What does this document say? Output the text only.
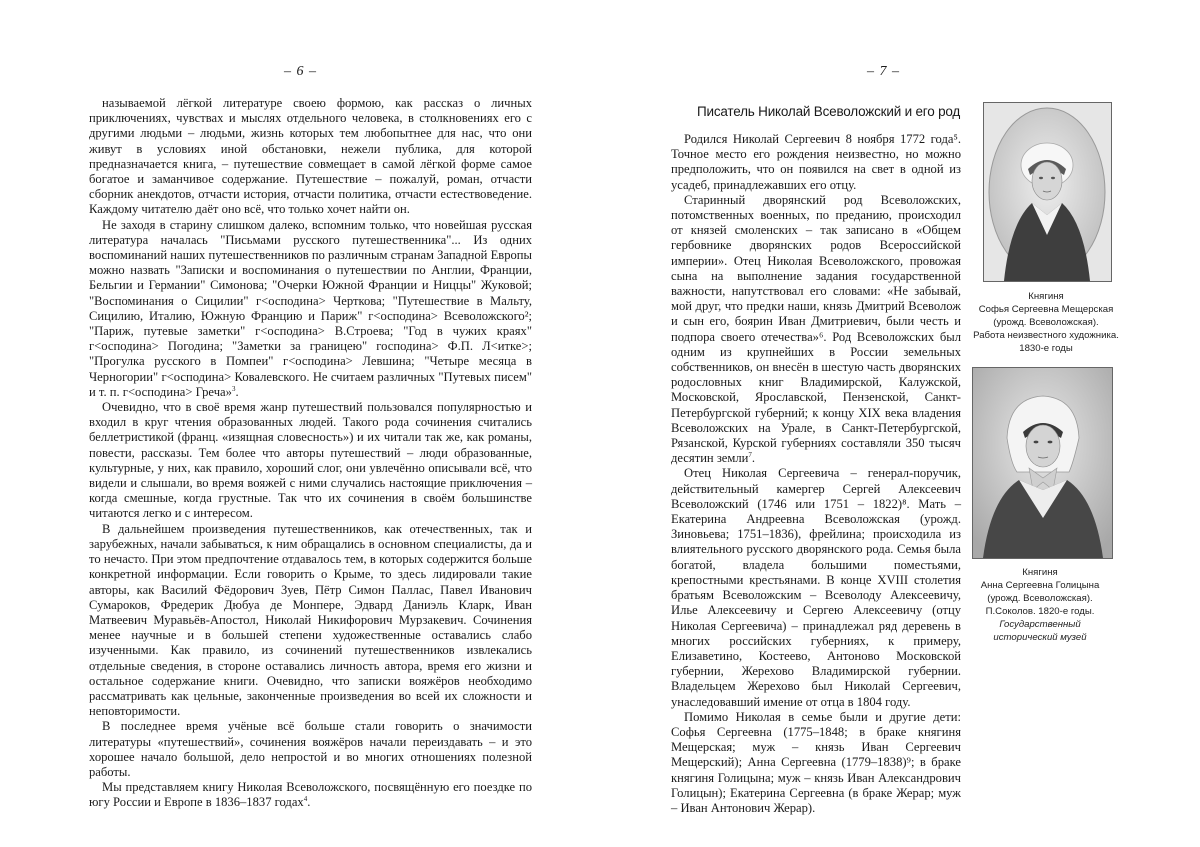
– 6 –	– 7 –

называемой лёгкой литературе своею формою, как рассказ о личных приключениях, чувствах и мыслях отдельного человека, в столкновениях его с другими людьми – людьми, жизнь которых тем любопытнее для нас, что они живут в условиях иной обстановки, нежели публика, для которой предназначается книга, – путешествие совмещает в самой лёгкой форме самое богатое и заманчивое содержание. Путешествие – пожалуй, роман, отчасти сборник анекдотов, отчасти история, отчасти политика, отчасти естествоведение. Каждому читателю даёт оно всё, что только хочет найти он.

Не заходя в старину слишком далеко, вспомним только, что новейшая русская литература началась "Письмами русского путешественника"... Из одних воспоминаний наших путешественников по различным странам Западной Европы можно назвать "Записки и воспоминания о путешествии по Англии, Франции, Бельгии и Германии" Симонова; "Очерки Южной Франции и Ниццы" Жуковой; "Воспоминания о Сицилии" г<осподина> Черткова; "Путешествие в Мальту, Сицилию, Италию, Южную Францию и Париж" г<осподина> Всеволожского²; "Париж, путевые заметки" г<осподина> В.Строева; "Год в чужих краях" г<осподина> Погодина; "Заметки за границею" господина> Ф.П. Л<итке>; "Прогулка русского в Помпеи" г<осподина> Левшина; "Четыре месяца в Черногории" г<осподина> Ковалевского. Не считаем различных "Путевых писем" и т. п. г<осподина> Греча»$^3$.

Очевидно, что в своё время жанр путешествий пользовался популярностью и входил в круг чтения образованных людей. Такого рода сочинения считались беллетристикой (франц. «изящная словесность») и их читали так же, как романы, повести, рассказы. Тем более что авторы путешествий – люди образованные, культурные, у них, как правило, хороший слог, они увлечённо описывали всё, что видели и слышали, во время вояжей с ними случались настоящие приключения – когда смешные, когда грустные. Так что их сочинения в своём большинстве читаются легко и с интересом.

В дальнейшем произведения путешественников, как отечественных, так и зарубежных, начали забываться, к ним обращались в основном специалисты, да и то нечасто. При этом предпочтение отдавалось тем, в которых содержится больше конкретной информации. Если говорить о Крыме, то здесь лидировали такие авторы, как Василий Фёдорович Зуев, Пётр Симон Паллас, Павел Иванович Сумароков, Фредерик Дюбуа де Монпере, Эдвард Даниэль Кларк, Иван Матвеевич Муравьёв-Апостол, Николай Никифорович Мурзакевич. Сочинения менее научные и в большей степени художественные оставались слабо изученными. Как правило, из сочинений путешественников извлекались отдельные сведения, в стороне оставались личность автора, время его жизни и остальное содержание книги. Очевидно, что записки вояжёров необходимо рассматривать как цельные, законченные произведения во всей их сложности и неповторимости.

В последнее время учёные всё больше стали говорить о значимости литературы «путешествий», сочинения вояжёров начали переиздавать – и это хорошее начало большой, дело непростой и во многих отношениях полезной работы.

Мы представляем книгу Николая Всеволожского, посвящённую его поездке по югу России и Европе в 1836–1837 годах$^4$.

Писатель Николай Всеволожский и его род

Родился Николай Сергеевич 8 ноября 1772 года⁵. Точное место его рождения неизвестно, но можно предположить, что он появился на свет в одной из усадеб, принадлежавших его отцу.

Старинный дворянский род Всеволожских, потомственных военных, по преданию, происходил от князей смоленских – так записано в «Общем гербовнике дворянских родов Всероссийской империи». Отец Николая Всеволожского, провожая сына на выполнение задания государственной важности, напутствовал его словами: «Не забывай, мой друг, что предки наши, князь Дмитрий Всеволож и сын его, боярин Иван Дмитриевич, были честь и подпора своего отечества»⁶. Род Всеволожских был одним из крупнейших в России земельных собственников, он внесён в шестую часть дворянских родословных книг Владимирской, Калужской, Московской, Ярославской, Пензенской, Санкт-Петербургской губерний; к концу XIX века владения Всеволожских на Урале, в Санкт-Петербургской, Рязанской, Курской губерниях составляли 350 тысяч десятин земли$^7$.

Отец Николая Сергеевича – генерал-поручик, действительный камергер Сергей Алексеевич Всеволожский (1746 или 1751 – 1822)⁸. Мать – Екатерина Андреевна Всеволожская (урожд. Зиновьева; 1751–1836), фрейлина; происходила из влиятельного русского дворянского рода. Семья была богатой, владела большими поместьями, крепостными крестьянами. В конце XVIII столетия братьям Всеволожским – Всеволоду Алексеевичу, Илье Алексеевичу и Сергею Алексеевичу (отцу Николая Сергеевича) – принадлежал ряд деревень в многих российских губерниях, к примеру, Елизаветино, Костеево, Антоново Московской губернии, Жерехово Владимирской губернии. Владельцем Жерехово был Николай Сергеевич, унаследовавший имение от отца в 1804 году.

Помимо Николая в семье были и другие дети: Софья Сергеевна (1775–1848; в браке княгиня Мещерская; муж – князь Иван Сергеевич Мещерский); Анна Сергеевна (1779–1838)⁹; в браке княгиня Голицына; муж – князь Иван Александрович Голицын); Екатерина Сергеевна (в браке Жерар; муж – Иван Антонович Жерар).

Княгиня
Софья Сергеевна Мещерская
(урожд. Всеволожская).
Работа неизвестного художника.
1830-е годы
Княгиня
Анна Сергеевна Голицына
(урожд. Всеволожская).
П.Соколов. 1820-е годы.
Государственный
исторический музей
